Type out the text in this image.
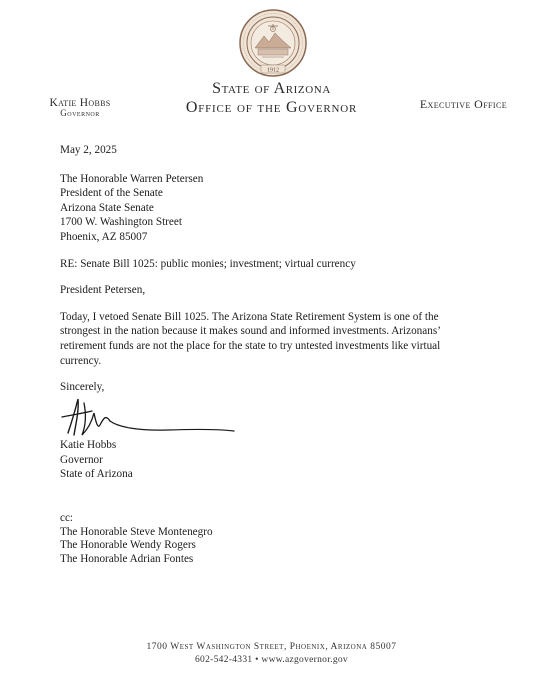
1912
State of Arizona
Office of the Governor
Katie Hobbs
Governor
Executive Office
May 2, 2025
The Honorable Warren Petersen
President of the Senate
Arizona State Senate
1700 W. Washington Street
Phoenix, AZ 85007
RE: Senate Bill 1025: public monies; investment; virtual currency
President Petersen,
Today, I vetoed Senate Bill 1025. The Arizona State Retirement System is one of the
strongest in the nation because it makes sound and informed investments. Arizonans’
retirement funds are not the place for the state to try untested investments like virtual
currency.
Sincerely,
Katie Hobbs
Governor
State of Arizona
cc:
The Honorable Steve Montenegro
The Honorable Wendy Rogers
The Honorable Adrian Fontes
1700 West Washington Street, Phoenix, Arizona 85007
602-542-4331 • www.azgovernor.gov
